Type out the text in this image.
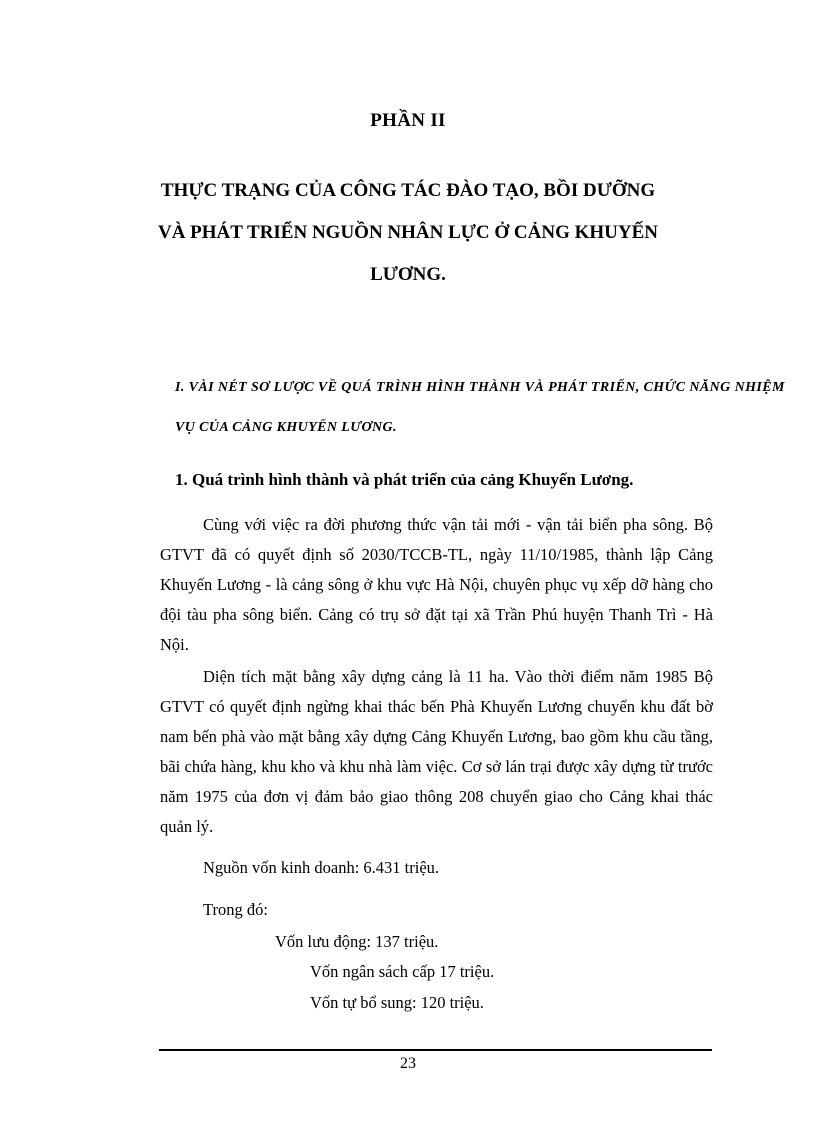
PHẦN II
THỰC TRẠNG CỦA CÔNG TÁC ĐÀO TẠO, BỒI DƯỠNG
VÀ PHÁT TRIỂN NGUỒN NHÂN LỰC Ở CẢNG KHUYẾN
LƯƠNG.
I. VÀI NÉT SƠ LƯỢC VỀ QUÁ TRÌNH HÌNH THÀNH VÀ PHÁT TRIỂN, CHỨC NĂNG NHIỆM
VỤ CỦA CẢNG KHUYẾN LƯƠNG.
1. Quá trình hình thành và phát triển của cảng Khuyến Lương.

Cùng với việc ra đời phương thức vận tải mới - vận tải biển pha sông. Bộ GTVT đã có quyết định số 2030/TCCB-TL, ngày 11/10/1985, thành lập Cảng Khuyến Lương - là cảng sông ở khu vực Hà Nội, chuyên phục vụ xếp dỡ hàng cho đội tàu pha sông biển. Cảng có trụ sở đặt tại xã Trần Phú huyện Thanh Trì - Hà Nội.

Diện tích mặt bằng xây dựng cảng là 11 ha. Vào thời điểm năm 1985 Bộ GTVT có quyết định ngừng khai thác bến Phà Khuyến Lương chuyển khu đất bờ nam bến phà vào mặt bằng xây dựng Cảng Khuyến Lương, bao gồm khu cầu tầng, bãi chứa hàng, khu kho và khu nhà làm việc. Cơ sở lán trại được xây dựng từ trước năm 1975 của đơn vị đảm bảo giao thông 208 chuyển giao cho Cảng khai thác quản lý.

Nguồn vốn kinh doanh: 6.431 triệu.
Trong đó:
Vốn lưu động: 137 triệu.
Vốn ngân sách cấp 17 triệu.
Vốn tự bổ sung: 120 triệu.
23
